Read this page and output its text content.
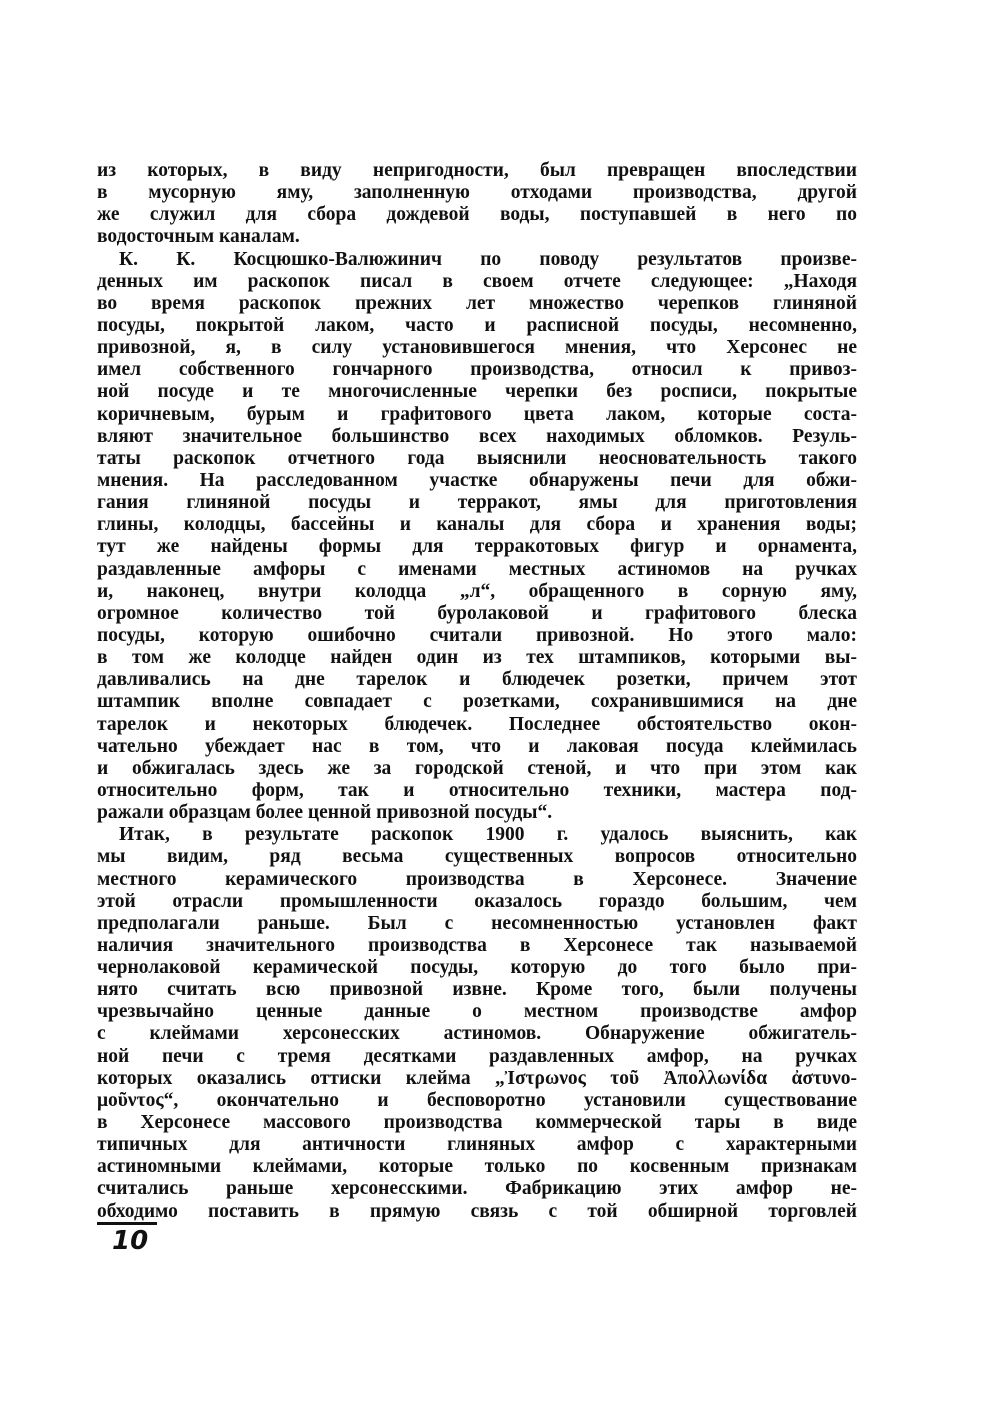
из которых, в виду непригодности, был превращен впоследствии
в мусорную яму, заполненную отходами производства, другой
же служил для сбора дождевой воды, поступавшей в него по
водосточным каналам.
К. К. Косцюшко-Валюжинич по поводу результатов произве-
денных им раскопок писал в своем отчете следующее: „Находя
во время раскопок прежних лет множество черепков глиняной
посуды, покрытой лаком, часто и расписной посуды, несомненно,
привозной, я, в силу установившегося мнения, что Херсонес не
имел собственного гончарного производства, относил к привоз-
ной посуде и те многочисленные черепки без росписи, покрытые
коричневым, бурым и графитового цвета лаком, которые соста-
вляют значительное большинство всех находимых обломков. Резуль-
таты раскопок отчетного года выяснили неосновательность такого
мнения. На расследованном участке обнаружены печи для обжи-
гания глиняной посуды и терракот, ямы для приготовления
глины, колодцы, бассейны и каналы для сбора и хранения воды;
тут же найдены формы для терракотовых фигур и орнамента,
раздавленные амфоры с именами местных астиномов на ручках
и, наконец, внутри колодца „л“, обращенного в сорную яму,
огромное количество той буролаковой и графитового блеска
посуды, которую ошибочно считали привозной. Но этого мало:
в том же колодце найден один из тех штампиков, которыми вы-
давливались на дне тарелок и блюдечек розетки, причем этот
штампик вполне совпадает с розетками, сохранившимися на дне
тарелок и некоторых блюдечек. Последнее обстоятельство окон-
чательно убеждает нас в том, что и лаковая посуда клеймилась
и обжигалась здесь же за городской стеной, и что при этом как
относительно форм, так и относительно техники, мастера под-
ражали образцам более ценной привозной посуды“.
Итак, в результате раскопок 1900 г. удалось выяснить, как
мы видим, ряд весьма существенных вопросов относительно
местного керамического производства в Херсонесе. Значение
этой отрасли промышленности оказалось гораздо большим, чем
предполагали раньше. Был с несомненностью установлен факт
наличия значительного производства в Херсонесе так называемой
чернолаковой керамической посуды, которую до того было при-
нято считать всю привозной извне. Кроме того, были получены
чрезвычайно ценные данные о местном производстве амфор
с клеймами херсонесских астиномов. Обнаружение обжигатель-
ной печи с тремя десятками раздавленных амфор, на ручках
которых оказались оттиски клейма „Ἰστρωνος τοῦ Ἀπολλωνίδα ἀστυνο-
μοῦντος“, окончательно и бесповоротно установили существование
в Херсонесе массового производства коммерческой тары в виде
типичных для античности глиняных амфор с характерными
астиномными клеймами, которые только по косвенным признакам
считались раньше херсонесскими. Фабрикацию этих амфор не-
обходимо поставить в прямую связь с той обширной торговлей
10
